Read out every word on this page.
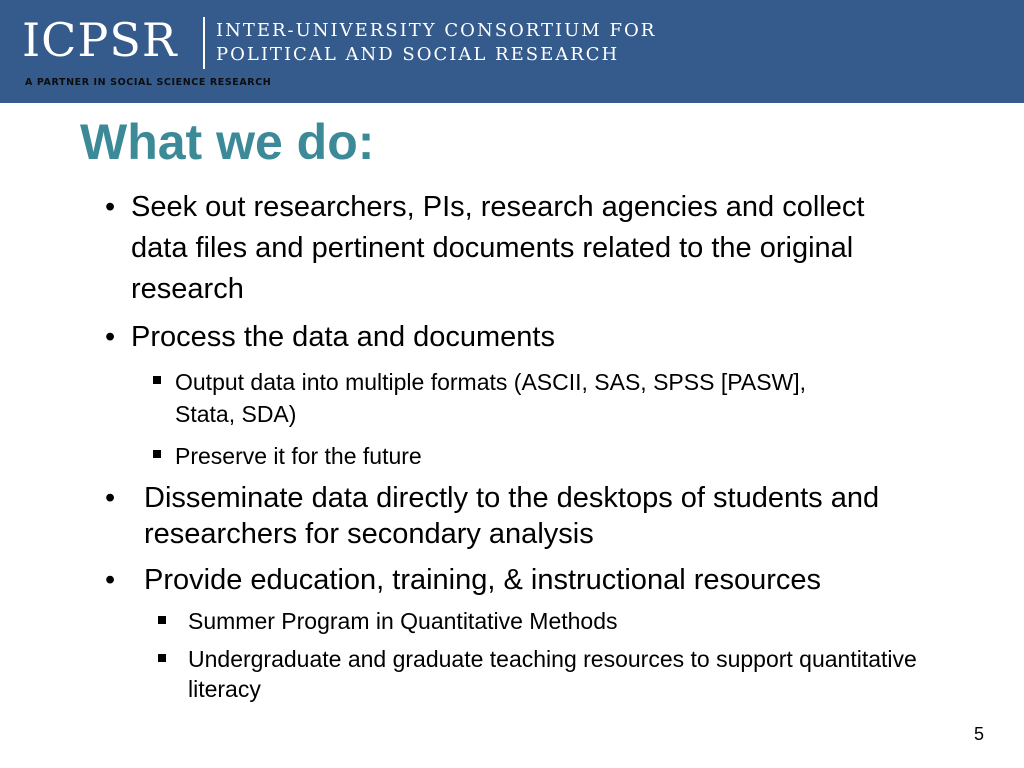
ICPSR INTER-UNIVERSITY CONSORTIUM FOR
POLITICAL AND SOCIAL RESEARCH
A PARTNER IN SOCIAL SCIENCE RESEARCH
What we do:
• Seek out researchers, PIs, research agencies and collect data files and pertinent documents related to the original research
• Process the data and documents
Output data into multiple formats (ASCII, SAS, SPSS [PASW], Stata, SDA)
Preserve it for the future
• Disseminate data directly to the desktops of students and researchers for secondary analysis
• Provide education, training, & instructional resources
Summer Program in Quantitative Methods
Undergraduate and graduate teaching resources to support quantitative literacy
5
